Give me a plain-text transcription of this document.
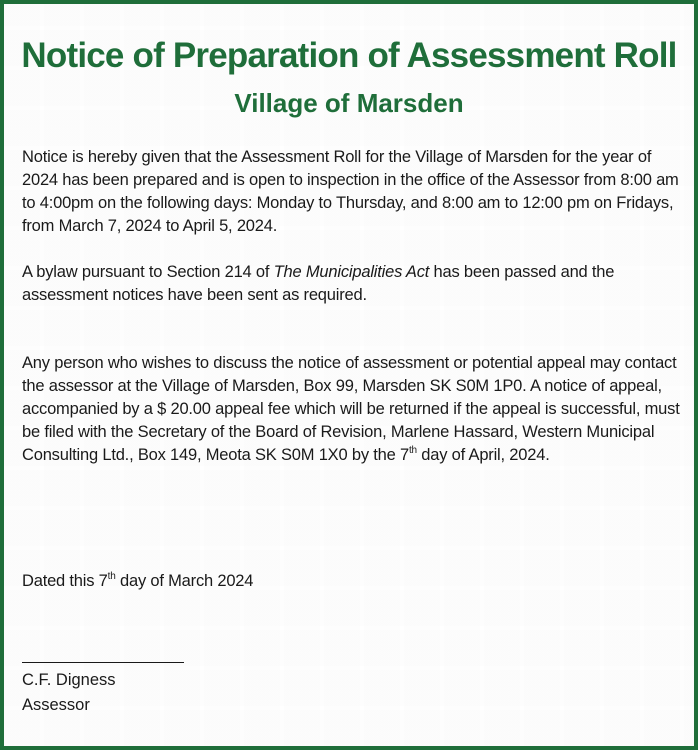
Notice of Preparation of Assessment Roll
Village of Marsden

Notice is hereby given that the Assessment Roll for the Village of Marsden for the year of 2024 has been prepared and is open to inspection in the office of the Assessor from 8:00 am to 4:00pm on the following days: Monday to Thursday, and 8:00 am to 12:00 pm on Fridays, from March 7, 2024 to April 5, 2024.

A bylaw pursuant to Section 214 of The Municipalities Act has been passed and the assessment notices have been sent as required.

Any person who wishes to discuss the notice of assessment or potential appeal may contact the assessor at the Village of Marsden, Box 99, Marsden SK S0M 1P0. A notice of appeal, accompanied by a $ 20.00 appeal fee which will be returned if the appeal is successful, must be filed with the Secretary of the Board of Revision, Marlene Hassard, Western Municipal Consulting Ltd., Box 149, Meota SK S0M 1X0 by the 7th day of April, 2024.

Dated this 7th day of March 2024

C.F. Digness
Assessor
